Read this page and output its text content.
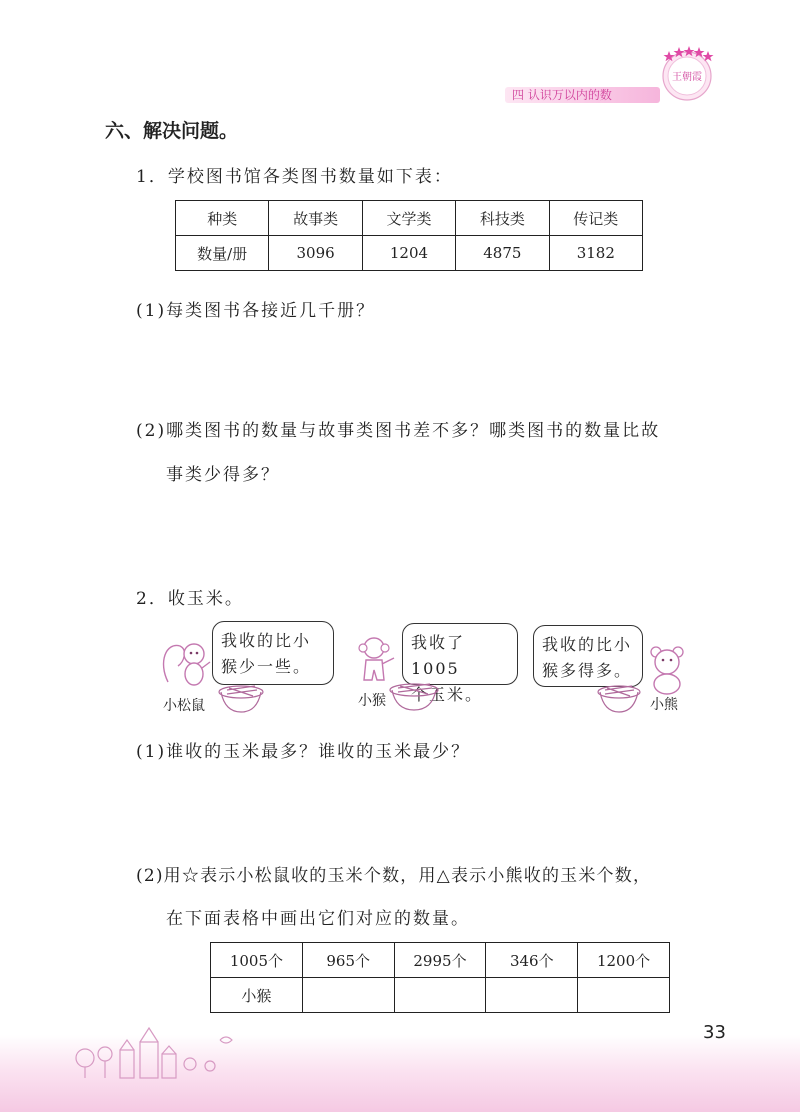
四 认识万以内的数
王朝霞
六、解决问题。
1．学校图书馆各类图书数量如下表：
种类	故事类	文学类	科技类	传记类
数量/册	3096	1204	4875	3182
(1)每类图书各接近几千册？
(2)哪类图书的数量与故事类图书差不多？哪类图书的数量比故
事类少得多？
2．收玉米。
我收的比小
猴少一些。
小松鼠
我收了1005
个玉米。
小猴
我收的比小
猴多得多。
小熊
(1)谁收的玉米最多？谁收的玉米最少？
(2)用☆表示小松鼠收的玉米个数，用△表示小熊收的玉米个数，
在下面表格中画出它们对应的数量。
1005个	965个	2995个	346个	1200个
小猴				
33
